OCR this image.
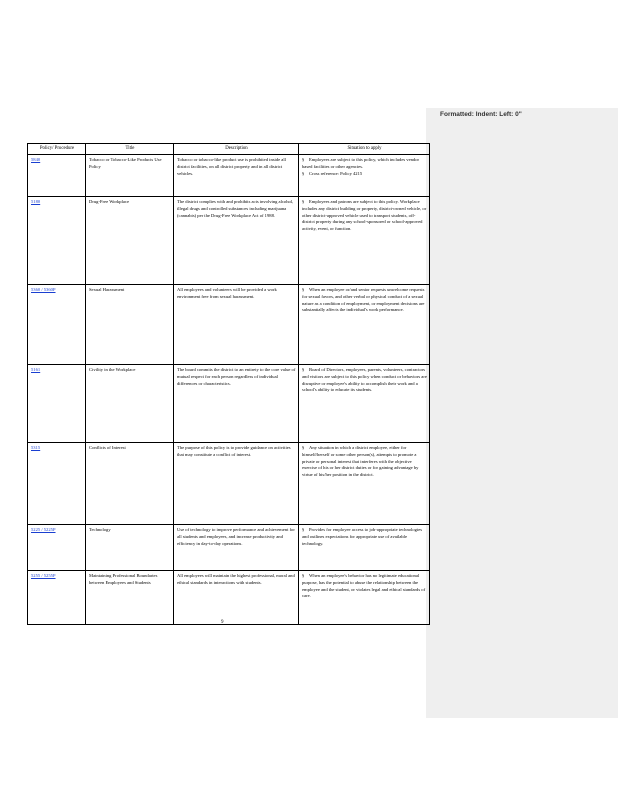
Formatted: Indent: Left: 0"
Policy/ Procedure	Title	Description	Situation to apply
5840	Tobacco or Tobacco-Like Products Use Policy	Tobacco or tobacco-like product use is prohibited inside all district facilities, on all district property and in all district vehicles.	§ Employees are subject to this policy, which includes vendor based facilities or other agencies.
§ Cross reference: Policy 4215

5180	Drug-Free Workplace	The district complies with and prohibits acts involving alcohol, illegal drugs and controlled substances including marijuana (cannabis) per the Drug-Free Workplace Act of 1988.	§ Employees and patrons are subject to this policy. Workplace includes any district building or property, district-owned vehicle, or other district-approved vehicle used to transport students, off-district property during any school-sponsored or school-approved activity, event, or function.

5360 / 5360P	Sexual Harassment	All employees and volunteers will be provided a work environment free from sexual harassment.	§ When an employee or/and senior requests unwelcome requests for sexual favors, and other verbal or physical conduct of a sexual nature as a condition of employment, or employment decisions are substantially affects the individual's work performance.

5161	Civility in the Workplace	The board commits the district to an entirety to the core value of mutual respect for each person regardless of individual differences or characteristics.	§ Board of Directors, employees, parents, volunteers, contractors and visitors are subject to this policy when conduct or behaviors are disruptive or employee's ability to accomplish their work and a school's ability to educate its students.

5315	Conflicts of Interest	The purpose of this policy is to provide guidance on activities that may constitute a conflict of interest.	§ Any situation in which a district employee, either for himself/herself or some other person(s), attempts to promote a private or personal interest that interferes with the objective exercise of his or her district duties or for gaining advantage by virtue of his/her position in the district.

5225 / 5225P	Technology	Use of technology to improve performance and achievement for all students and employees, and increase productivity and efficiency in day-to-day operations.	§ Provides for employee access to job-appropriate technologies and outlines expectations for appropriate use of available technology.

5255 / 5255P	Maintaining Professional Boundaries between Employees and Students	All employees will maintain the highest professional, moral and ethical standards in interactions with students.	§ When an employee's behavior has no legitimate educational purpose, has the potential to abuse the relationship between the employee and the student, or violates legal and ethical standards of care.
9
